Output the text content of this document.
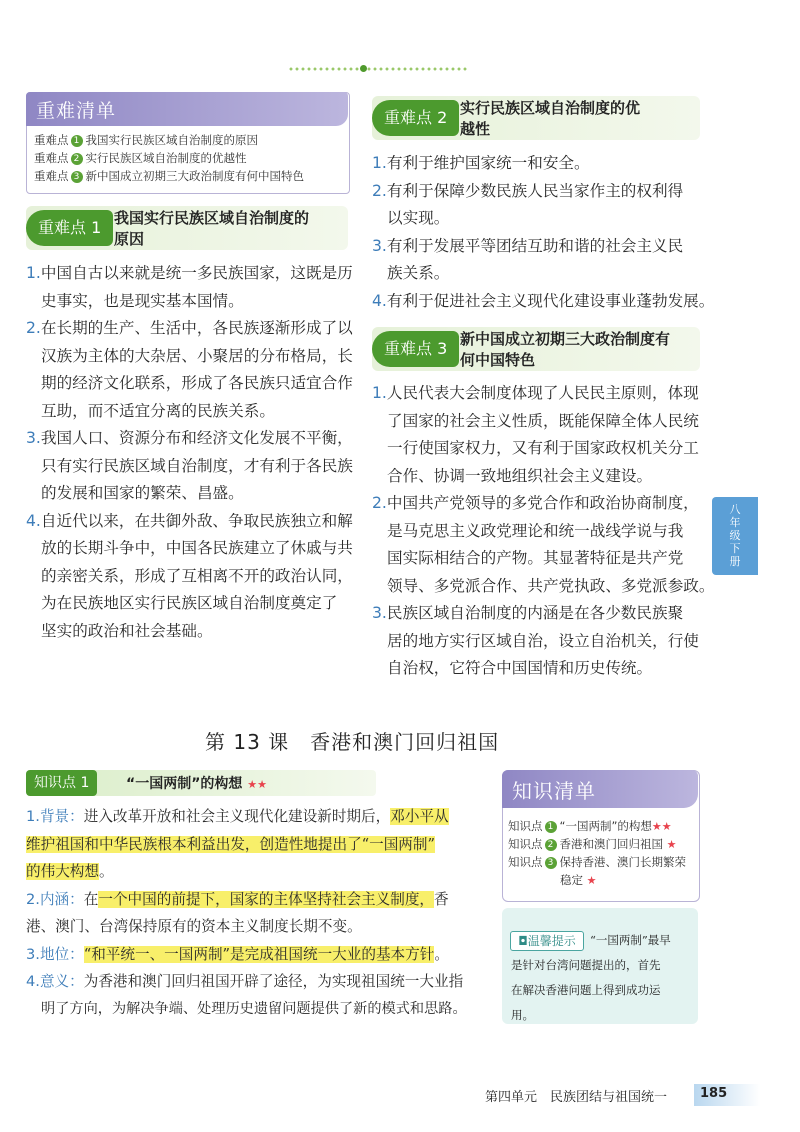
重难清单
重难点 1 我国实行民族区域自治制度的原因
重难点 2 实行民族区域自治制度的优越性
重难点 3 新中国成立初期三大政治制度有何中国特色
重难点 1 我国实行民族区域自治制度的
原因
1.中国自古以来就是统一多民族国家，这既是历
史事实，也是现实基本国情。
2.在长期的生产、生活中，各民族逐渐形成了以
汉族为主体的大杂居、小聚居的分布格局，长
期的经济文化联系，形成了各民族只适宜合作
互助，而不适宜分离的民族关系。
3.我国人口、资源分布和经济文化发展不平衡，
只有实行民族区域自治制度，才有利于各民族
的发展和国家的繁荣、昌盛。
4.自近代以来，在共御外敌、争取民族独立和解
放的长期斗争中，中国各民族建立了休戚与共
的亲密关系，形成了互相离不开的政治认同，
为在民族地区实行民族区域自治制度奠定了
坚实的政治和社会基础。
重难点 2 实行民族区域自治制度的优
越性
1.有利于维护国家统一和安全。
2.有利于保障少数民族人民当家作主的权利得
以实现。
3.有利于发展平等团结互助和谐的社会主义民
族关系。
4.有利于促进社会主义现代化建设事业蓬勃发展。
重难点 3 新中国成立初期三大政治制度有
何中国特色
1.人民代表大会制度体现了人民民主原则，体现
了国家的社会主义性质，既能保障全体人民统
一行使国家权力，又有利于国家政权机关分工
合作、协调一致地组织社会主义建设。
2.中国共产党领导的多党合作和政治协商制度，
是马克思主义政党理论和统一战线学说与我
国实际相结合的产物。其显著特征是共产党
领导、多党派合作、共产党执政、多党派参政。
3.民族区域自治制度的内涵是在各少数民族聚
居的地方实行区域自治，设立自治机关，行使
自治权，它符合中国国情和历史传统。
八年级下册
第 13 课　香港和澳门回归祖国
知识点 1	“一国两制”的构想 ★★
1.背景：进入改革开放和社会主义现代化建设新时期后，邓小平从
维护祖国和中华民族根本利益出发，创造性地提出了“一国两制”
的伟大构想。
2.内涵：在一个中国的前提下，国家的主体坚持社会主义制度，香
港、澳门、台湾保持原有的资本主义制度长期不变。
3.地位：“和平统一、一国两制”是完成祖国统一大业的基本方针。
4.意义：为香港和澳门回归祖国开辟了途径，为实现祖国统一大业指
明了方向，为解决争端、处理历史遗留问题提供了新的模式和思路。
知识清单
知识点 1 “一国两制”的构想★★
知识点 2 香港和澳门回归祖国 ★
知识点 3 保持香港、澳门长期繁荣
稳定 ★
◘温馨提示	“一国两制”最早
是针对台湾问题提出的，首先
在解决香港问题上得到成功运
用。
第四单元　民族团结与祖国统一	185
